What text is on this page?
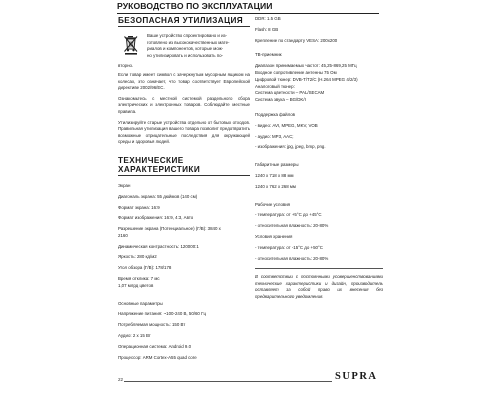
РУКОВОДСТВО ПО ЭКСПЛУАТАЦИИ
БЕЗОПАСНАЯ УТИЛИЗАЦИЯ
Ваше устройство спроектировано и из-
готовлено из высококачественных мате-
риалов и компонентов, которые мож-
но утилизировать и использовать по-
вторно.
Если товар имеет символ с зачеркнутым мусорным ящиком на колесах, это означает, что товар соответствует Европейской директиве 2002/96/ЕС.
Ознакомьтесь с местной системой раздельного сбора электрических и электронных товаров. Соблюдайте местные правила.
Утилизируйте старые устройства отдельно от бытовых отходов. Правильная утилизация вашего товара позволит предотвратить возможные отрицательные последствия для окружающей среды и здоровья людей.
ТЕХНИЧЕСКИЕ ХАРАКТЕРИСТИКИ
Экран
Диагональ экрана: 55 дюймов (140 см)
Формат экрана: 16:9
Формат изображения: 16:9, 4:3, Авто
Разрешение экрана (Потенциальное) (Г/В): 3840 х
2160
Динамическая контрастность: 120000:1
Яркость: 280 кд/м2
Угол обзора (Г/В): 178/178
Время отклика: 7 мс
1,07 млрд цветов
Основные параметры
Напряжение питания: ~100-240 В, 50/60 Гц
Потребляемая мощность: 150 Вт
Аудио: 2 х 15 Вт
Операционная система: Android 9.0
Процессор: ARM Cortex-A55 quad core
DDR: 1.5 GB
Flash: 8 GB
Крепление по стандарту VESA: 200x200
ТВ-приемник
Диапазон принимаемых частот: 45,25-869,25 МГц
Входное сопротивление антенны 75 Ом
Цифровой тюнер: DVB-T/T2/C (H.264 MPEG 4/2/3)
Аналоговый тюнер:
Система цветности – PAL/SECAM
Система звука – BG/DK/I
Поддержка файлов
- видео: AVI, MPEG, MKV, VOB
- аудио: MP3, AAC;
- изображения: jpg, jpeg, bmp, png.
Габаритные размеры
1240 х 718 х 88 мм
1240 х 762 х 268 мм
Рабочие условия
- температура: от +5°С до +45°С
- относительная влажность: 20-80%
Условия хранения
- температура: от -15°С до +50°С
- относительная влажность: 20-80%
В соответствии с постоянными усовершенствованиями технические характеристики и дизайн, производитель оставляет за собой право их внесения без предварительного уведомления.
22	SUPRA
